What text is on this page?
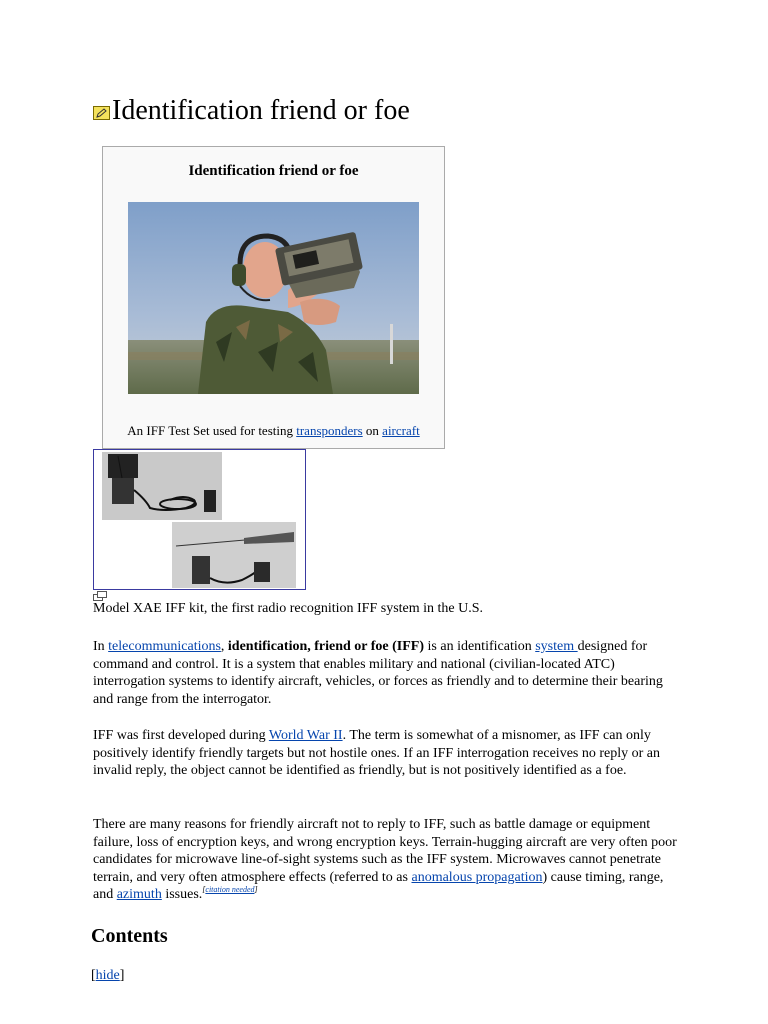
Identification friend or foe
Identification friend or foe
An IFF Test Set used for testing transponders on aircraft
Model XAE IFF kit, the first radio recognition IFF system in the U.S.

In telecommunications, identification, friend or foe (IFF) is an identification system designed for command and control. It is a system that enables military and national (civilian-located ATC) interrogation systems to identify aircraft, vehicles, or forces as friendly and to determine their bearing and range from the interrogator.

IFF was first developed during World War II. The term is somewhat of a misnomer, as IFF can only positively identify friendly targets but not hostile ones. If an IFF interrogation receives no reply or an invalid reply, the object cannot be identified as friendly, but is not positively identified as a foe.

There are many reasons for friendly aircraft not to reply to IFF, such as battle damage or equipment failure, loss of encryption keys, and wrong encryption keys. Terrain-hugging aircraft are very often poor candidates for microwave line-of-sight systems such as the IFF system. Microwaves cannot penetrate terrain, and very often atmosphere effects (referred to as anomalous propagation) cause timing, range, and azimuth issues.[citation needed]

Contents
[hide]
